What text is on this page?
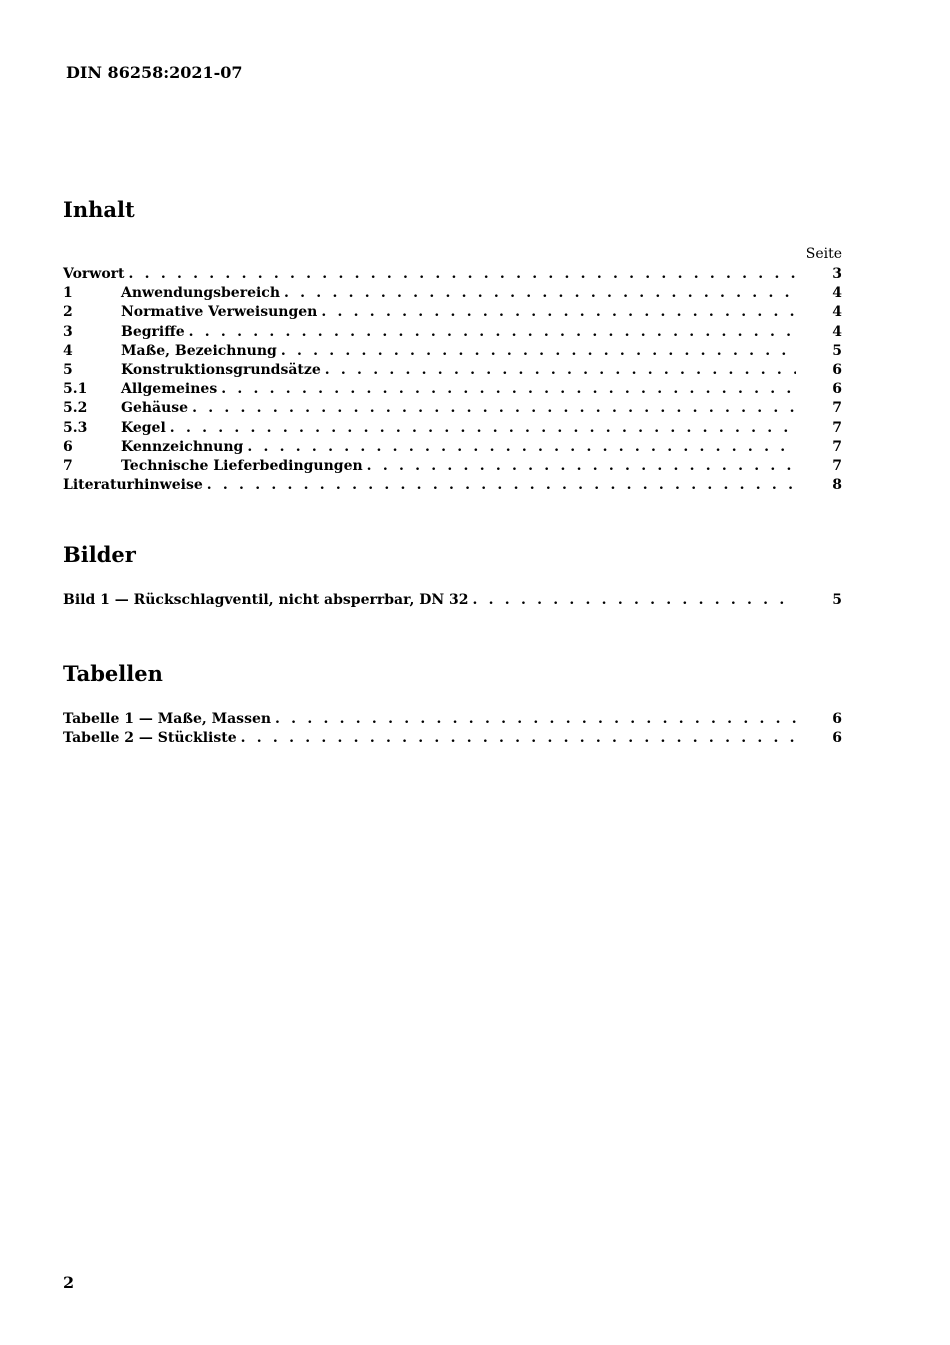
DIN 86258:2021-07
Inhalt
Seite
Vorwort . . .	3
1	Anwendungsbereich . . .	4
2	Normative Verweisungen . . .	4
3	Begriffe . . .	4
4	Maße, Bezeichnung . . .	5
5	Konstruktionsgrundsätze . . .	6
5.1	Allgemeines . . .	6
5.2	Gehäuse . . .	7
5.3	Kegel . . .	7
6	Kennzeichnung . . .	7
7	Technische Lieferbedingungen . . .	7
Literaturhinweise . . .	8
Bilder
Bild 1 — Rückschlagventil, nicht absperrbar, DN 32 . . .	5
Tabellen
Tabelle 1 — Maße, Massen . . .	6
Tabelle 2 — Stückliste . . .	6
2
